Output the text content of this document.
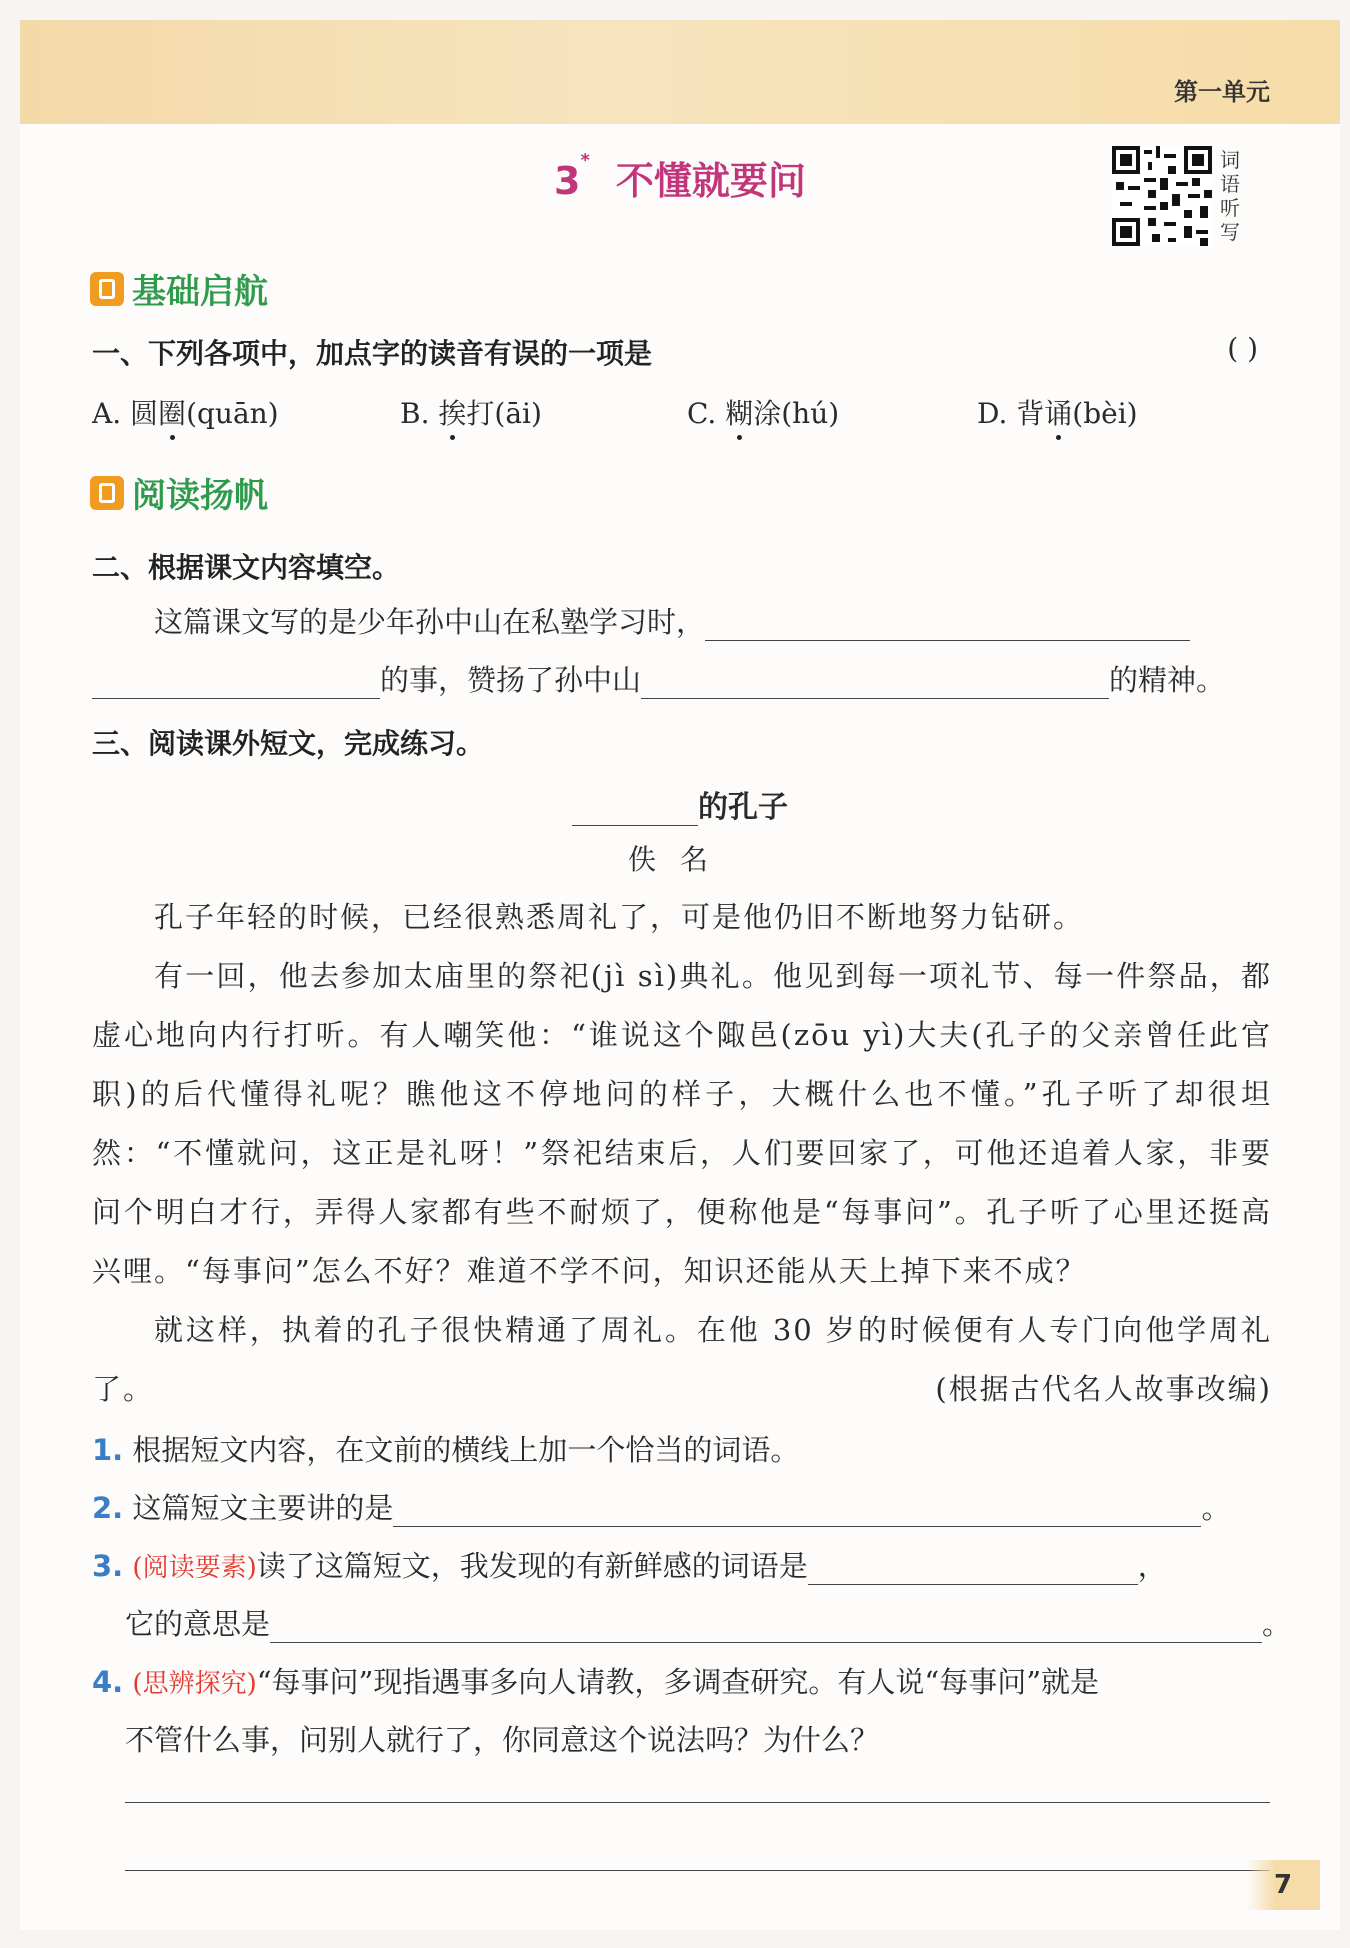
第一单元
3* 不懂就要问	词语听写
基础启航
一、下列各项中，加点字的读音有误的一项是	( )
A. 圆圈(quān)	B. 挨打(āi)	C. 糊涂(hú)	D. 背诵(bèi)
阅读扬帆
二、根据课文内容填空。
这篇课文写的是少年孙中山在私塾学习时，
的事，赞扬了孙中山	的精神。
三、阅读课外短文，完成练习。
的孔子
佚名

孔子年轻的时候，已经很熟悉周礼了，可是他仍旧不断地努力钻研。

有一回，他去参加太庙里的祭祀(jì sì)典礼。他见到每一项礼节、每一件祭品，都虚心地向内行打听。有人嘲笑他：“谁说这个陬邑(zōu yì)大夫(孔子的父亲曾任此官职)的后代懂得礼呢？瞧他这不停地问的样子，大概什么也不懂。”孔子听了却很坦然：“不懂就问，这正是礼呀！”祭祀结束后，人们要回家了，可他还追着人家，非要问个明白才行，弄得人家都有些不耐烦了，便称他是“每事问”。孔子听了心里还挺高兴哩。“每事问”怎么不好？难道不学不问，知识还能从天上掉下来不成？

就这样，执着的孔子很快精通了周礼。在他 30 岁的时候便有人专门向他学周礼了。	(根据古代名人故事改编)

1. 根据短文内容，在文前的横线上加一个恰当的词语。
2. 这篇短文主要讲的是	。
3. (阅读要素)读了这篇短文，我发现的有新鲜感的词语是	，
它的意思是	。
4. (思辨探究)“每事问”现指遇事多向人请教，多调查研究。有人说“每事问”就是
不管什么事，问别人就行了，你同意这个说法吗？为什么？
7
